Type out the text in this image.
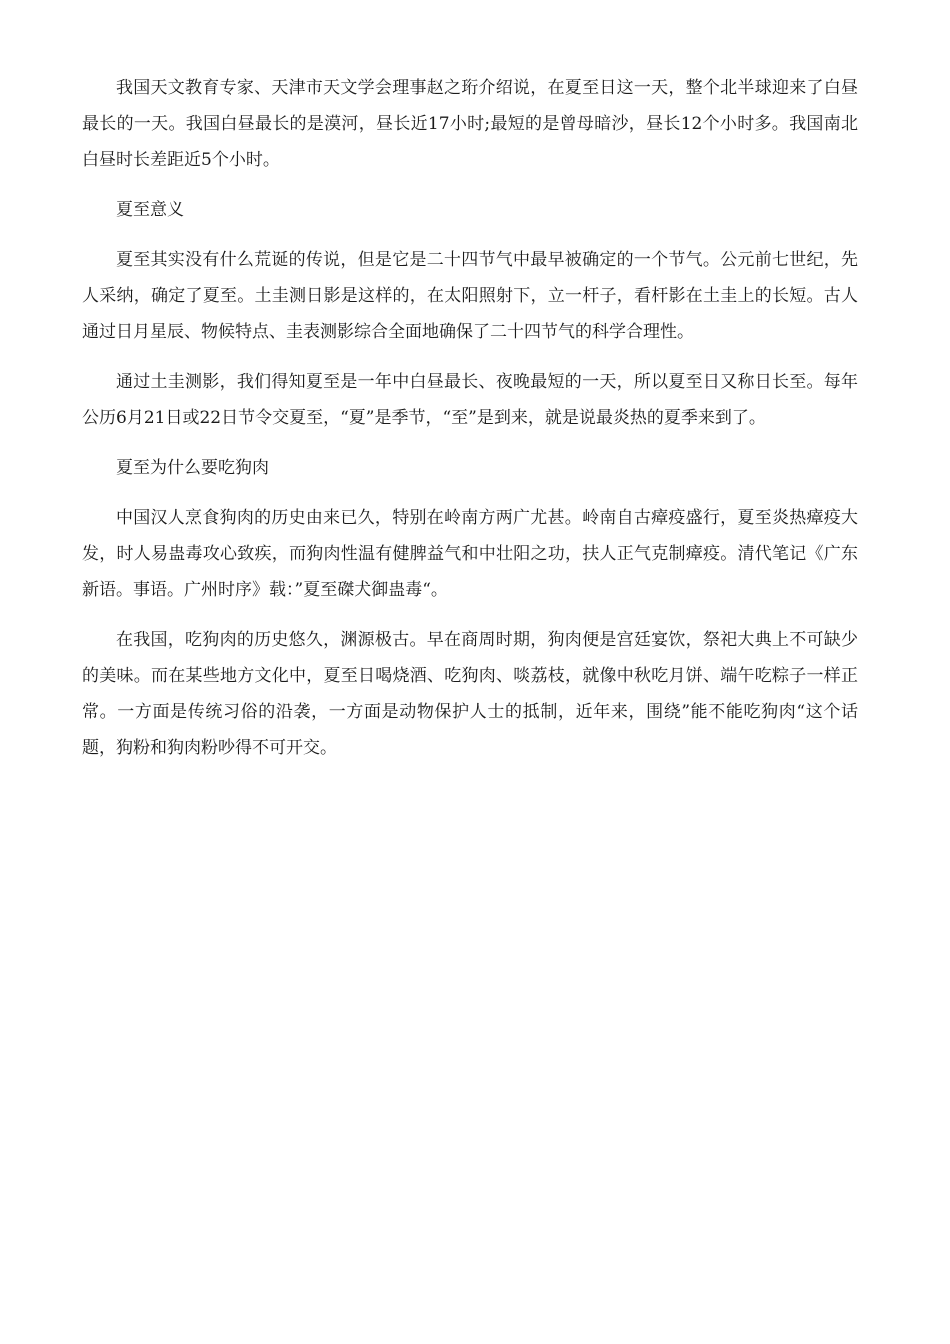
我国天文教育专家、天津市天文学会理事赵之珩介绍说，在夏至日这一天，整个北半球迎来了白昼最长的一天。我国白昼最长的是漠河，昼长近17小时;最短的是曾母暗沙，昼长12个小时多。我国南北白昼时长差距近5个小时。

夏至意义

夏至其实没有什么荒诞的传说，但是它是二十四节气中最早被确定的一个节气。公元前七世纪，先人采纳，确定了夏至。土圭测日影是这样的，在太阳照射下，立一杆子，看杆影在土圭上的长短。古人通过日月星辰、物候特点、圭表测影综合全面地确保了二十四节气的科学合理性。

通过土圭测影，我们得知夏至是一年中白昼最长、夜晚最短的一天，所以夏至日又称日长至。每年公历6月21日或22日节令交夏至，“夏”是季节，“至”是到来，就是说最炎热的夏季来到了。

夏至为什么要吃狗肉

中国汉人烹食狗肉的历史由来已久，特别在岭南方两广尤甚。岭南自古瘴疫盛行，夏至炎热瘴疫大发，时人易蛊毒攻心致疾，而狗肉性温有健脾益气和中壮阳之功，扶人正气克制瘴疫。清代笔记《广东新语。事语。广州时序》载：”夏至磔犬御蛊毒“。

在我国，吃狗肉的历史悠久，渊源极古。早在商周时期，狗肉便是宫廷宴饮，祭祀大典上不可缺少的美味。而在某些地方文化中，夏至日喝烧酒、吃狗肉、啖荔枝，就像中秋吃月饼、端午吃粽子一样正常。一方面是传统习俗的沿袭，一方面是动物保护人士的抵制，近年来，围绕”能不能吃狗肉“这个话题，狗粉和狗肉粉吵得不可开交。
